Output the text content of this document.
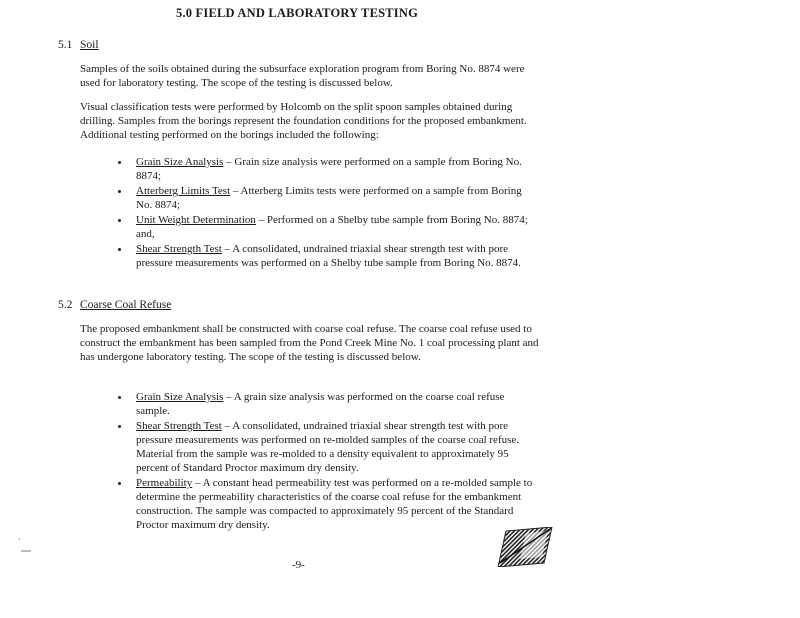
5.0 FIELD AND LABORATORY TESTING
5.1 Soil

Samples of the soils obtained during the subsurface exploration program from Boring No. 8874 were used for laboratory testing. The scope of the testing is discussed below.

Visual classification tests were performed by Holcomb on the split spoon samples obtained during drilling. Samples from the borings represent the foundation conditions for the proposed embankment. Additional testing performed on the borings included the following:

Grain Size Analysis – Grain size analysis were performed on a sample from Boring No. 8874;
Atterberg Limits Test – Atterberg Limits tests were performed on a sample from Boring No. 8874;
Unit Weight Determination – Performed on a Shelby tube sample from Boring No. 8874; and,
Shear Strength Test – A consolidated, undrained triaxial shear strength test with pore pressure measurements was performed on a Shelby tube sample from Boring No. 8874.
5.2 Coarse Coal Refuse

The proposed embankment shall be constructed with coarse coal refuse. The coarse coal refuse used to construct the embankment has been sampled from the Pond Creek Mine No. 1 coal processing plant and has undergone laboratory testing. The scope of the testing is discussed below.

Grain Size Analysis – A grain size analysis was performed on the coarse coal refuse sample.
Shear Strength Test – A consolidated, undrained triaxial shear strength test with pore pressure measurements was performed on re-molded samples of the coarse coal refuse. Material from the sample was re-molded to a density equivalent to approximately 95 percent of Standard Proctor maximum dry density.
Permeability – A constant head permeability test was performed on a re-molded sample to determine the permeability characteristics of the coarse coal refuse for the embankment construction. The sample was compacted to approximately 95 percent of the Standard Proctor maximum dry density.
-9-
